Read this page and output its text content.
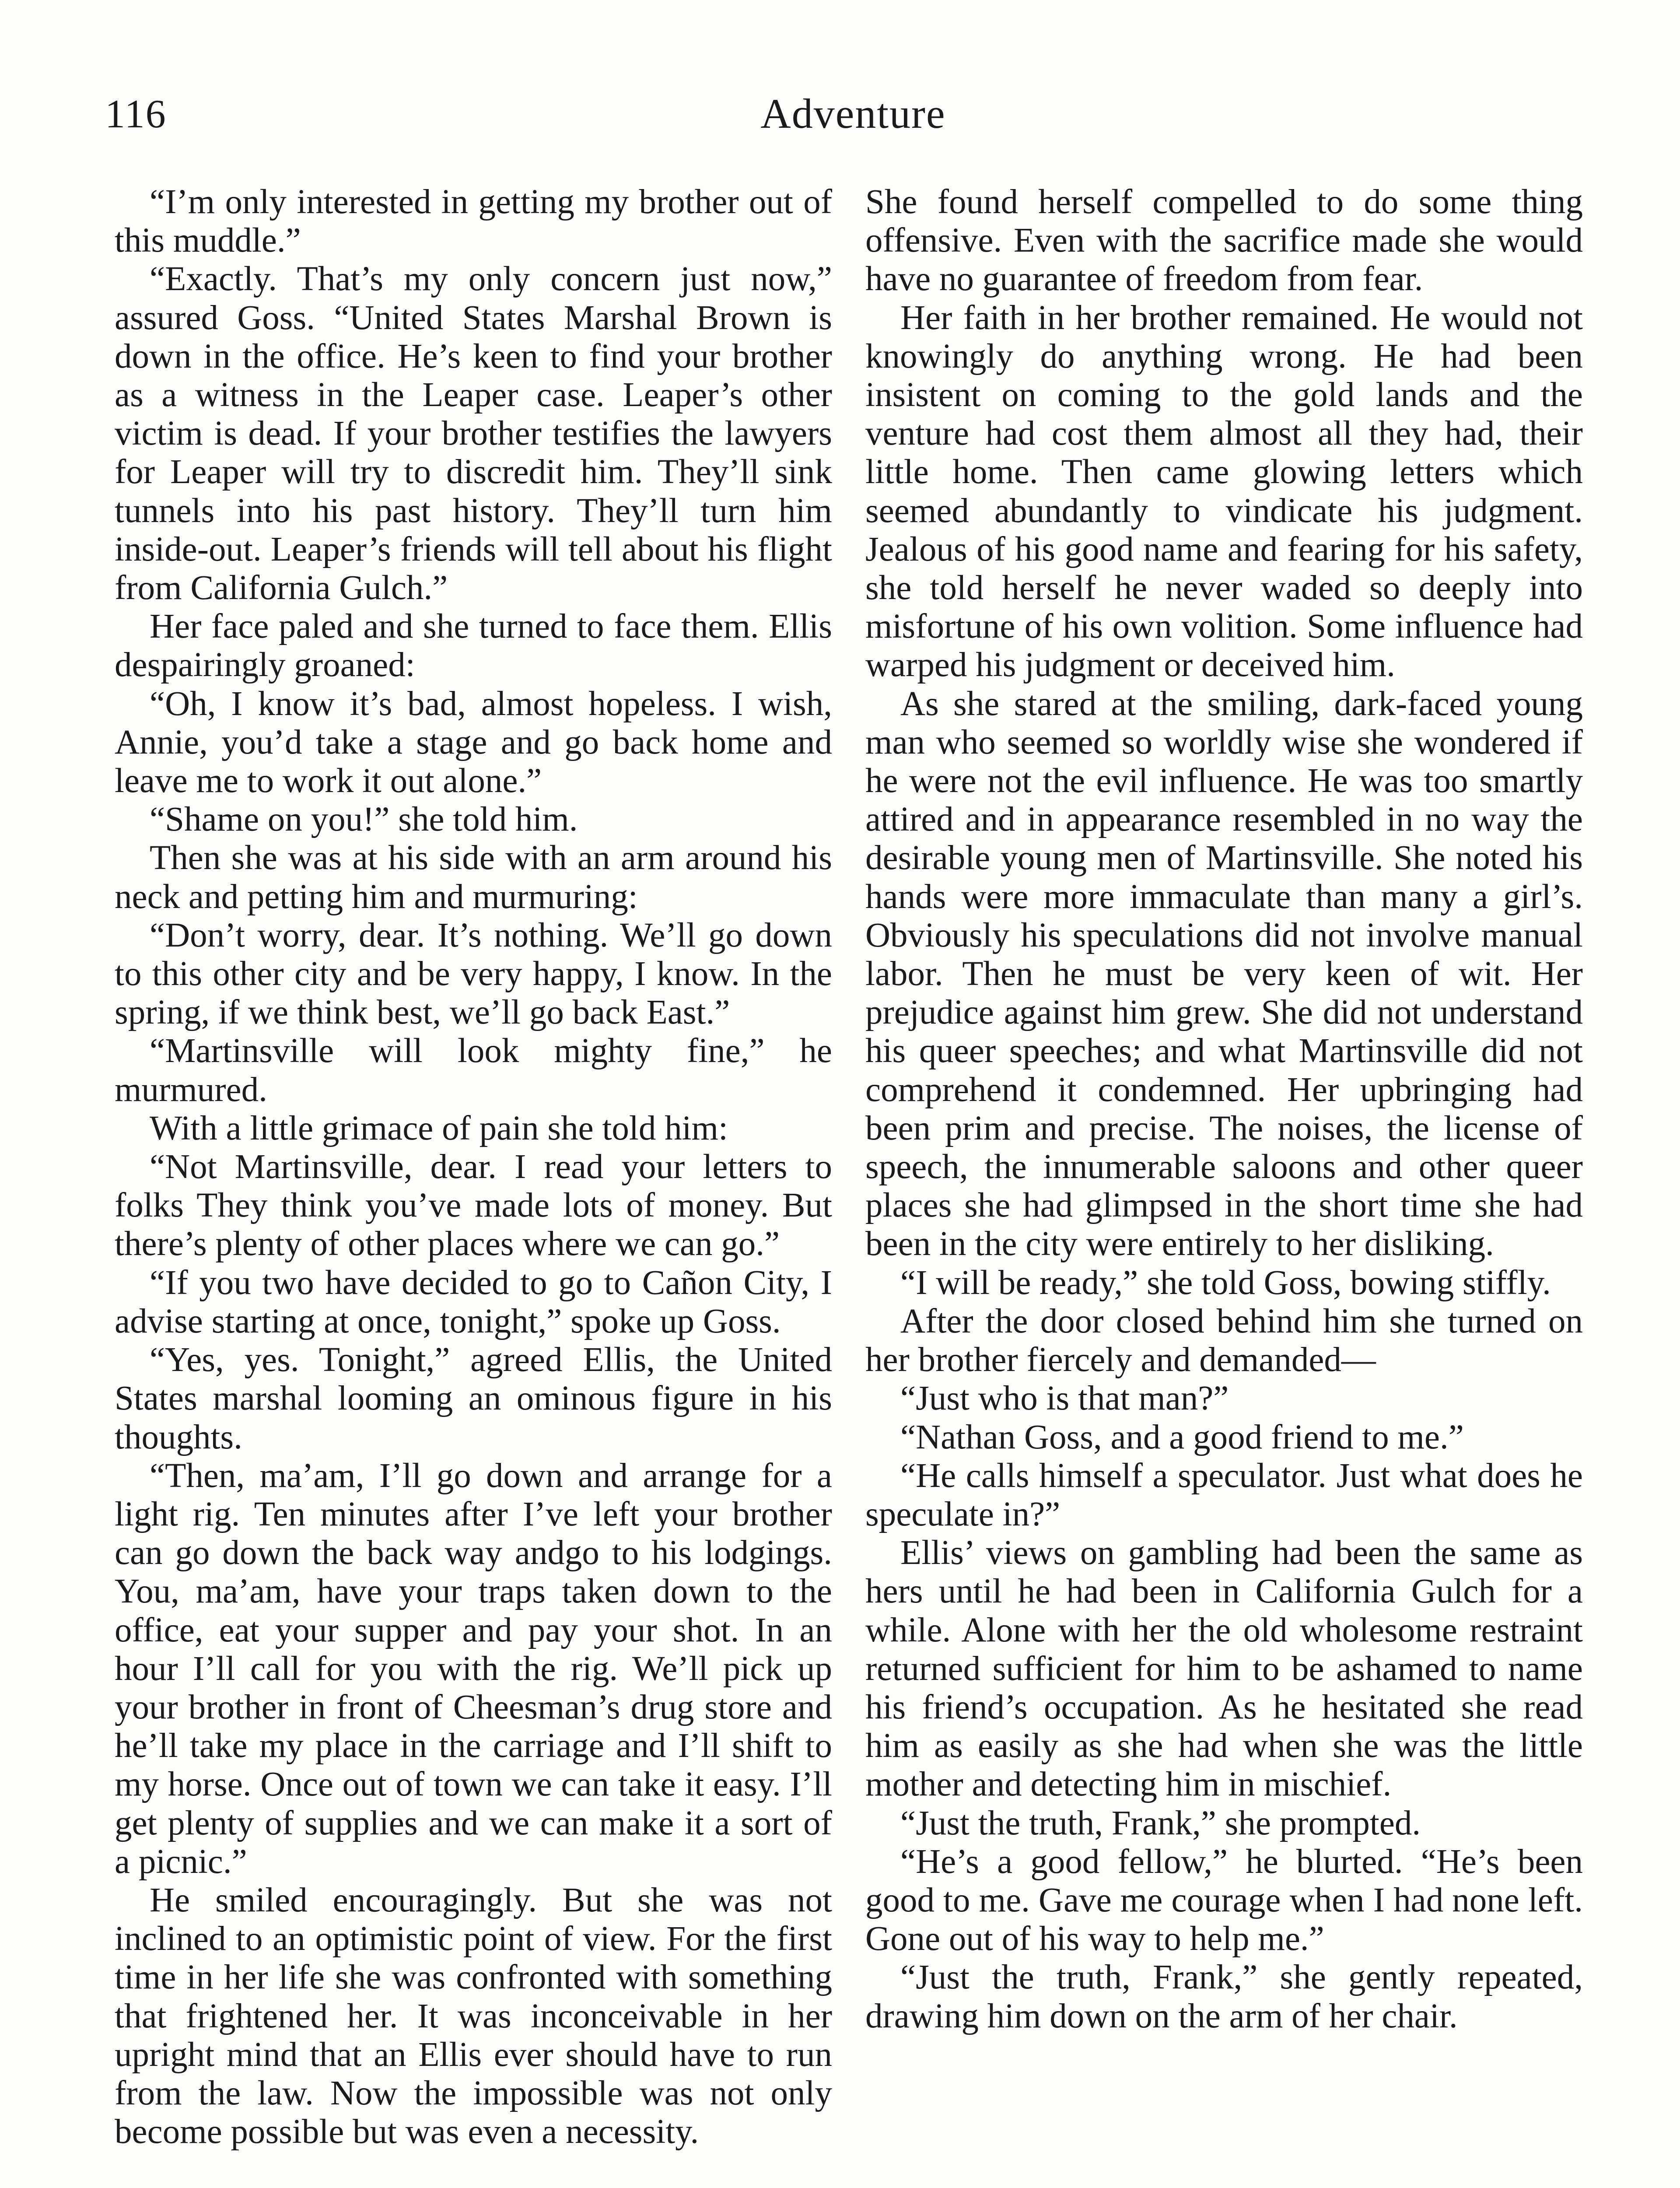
116	Adventure

“I’m only interested in getting my brother out of this muddle.”

“Exactly. That’s my only concern just now,” assured Goss. “United States Marshal Brown is down in the office. He’s keen to find your brother as a witness in the Leaper case. Leaper’s other victim is dead. If your brother testifies the lawyers for Leaper will try to discredit him. They’ll sink tunnels into his past history. They’ll turn him inside-out. Leaper’s friends will tell about his flight from California Gulch.”

Her face paled and she turned to face them. Ellis despairingly groaned:

“Oh, I know it’s bad, almost hopeless. I wish, Annie, you’d take a stage and go back home and leave me to work it out alone.”

“Shame on you!” she told him.

Then she was at his side with an arm around his neck and petting him and murmuring:

“Don’t worry, dear. It’s nothing. We’ll go down to this other city and be very happy, I know. In the spring, if we think best, we’ll go back East.”

“Martinsville will look mighty fine,” he murmured.

With a little grimace of pain she told him:

“Not Martinsville, dear. I read your letters to folks They think you’ve made lots of money. But there’s plenty of other places where we can go.”

“If you two have decided to go to Cañon City, I advise starting at once, tonight,” spoke up Goss.

“Yes, yes. Tonight,” agreed Ellis, the United States marshal looming an ominous figure in his thoughts.

“Then, ma’am, I’ll go down and arrange for a light rig. Ten minutes after I’ve left your brother can go down the back way andgo to his lodgings. You, ma’am, have your traps taken down to the office, eat your supper and pay your shot. In an hour I’ll call for you with the rig. We’ll pick up your brother in front of Cheesman’s drug store and he’ll take my place in the carriage and I’ll shift to my horse. Once out of town we can take it easy. I’ll get plenty of supplies and we can make it a sort of a picnic.”

He smiled encouragingly. But she was not inclined to an optimistic point of view. For the first time in her life she was confronted with something that frightened her. It was inconceivable in her upright mind that an Ellis ever should have to run from the law. Now the impossible was not only become possible but was even a necessity.

She found herself compelled to do some thing offensive. Even with the sacrifice made she would have no guarantee of freedom from fear.

Her faith in her brother remained. He would not knowingly do anything wrong. He had been insistent on coming to the gold lands and the venture had cost them almost all they had, their little home. Then came glowing letters which seemed abundantly to vindicate his judgment. Jealous of his good name and fearing for his safety, she told herself he never waded so deeply into misfortune of his own volition. Some influence had warped his judgment or deceived him.

As she stared at the smiling, dark-faced young man who seemed so worldly wise she wondered if he were not the evil influence. He was too smartly attired and in appearance resembled in no way the desirable young men of Martinsville. She noted his hands were more immaculate than many a girl’s. Obviously his speculations did not involve manual labor. Then he must be very keen of wit. Her prejudice against him grew. She did not understand his queer speeches; and what Martinsville did not comprehend it condemned. Her upbringing had been prim and precise. The noises, the license of speech, the innumerable saloons and other queer places she had glimpsed in the short time she had been in the city were entirely to her disliking.

“I will be ready,” she told Goss, bowing stiffly.

After the door closed behind him she turned on her brother fiercely and demanded—

“Just who is that man?”

“Nathan Goss, and a good friend to me.”

“He calls himself a speculator. Just what does he speculate in?”

Ellis’ views on gambling had been the same as hers until he had been in California Gulch for a while. Alone with her the old wholesome restraint returned sufficient for him to be ashamed to name his friend’s occupation. As he hesitated she read him as easily as she had when she was the little mother and detecting him in mischief.

“Just the truth, Frank,” she prompted.

“He’s a good fellow,” he blurted. “He’s been good to me. Gave me courage when I had none left. Gone out of his way to help me.”

“Just the truth, Frank,” she gently repeated, drawing him down on the arm of her chair.
